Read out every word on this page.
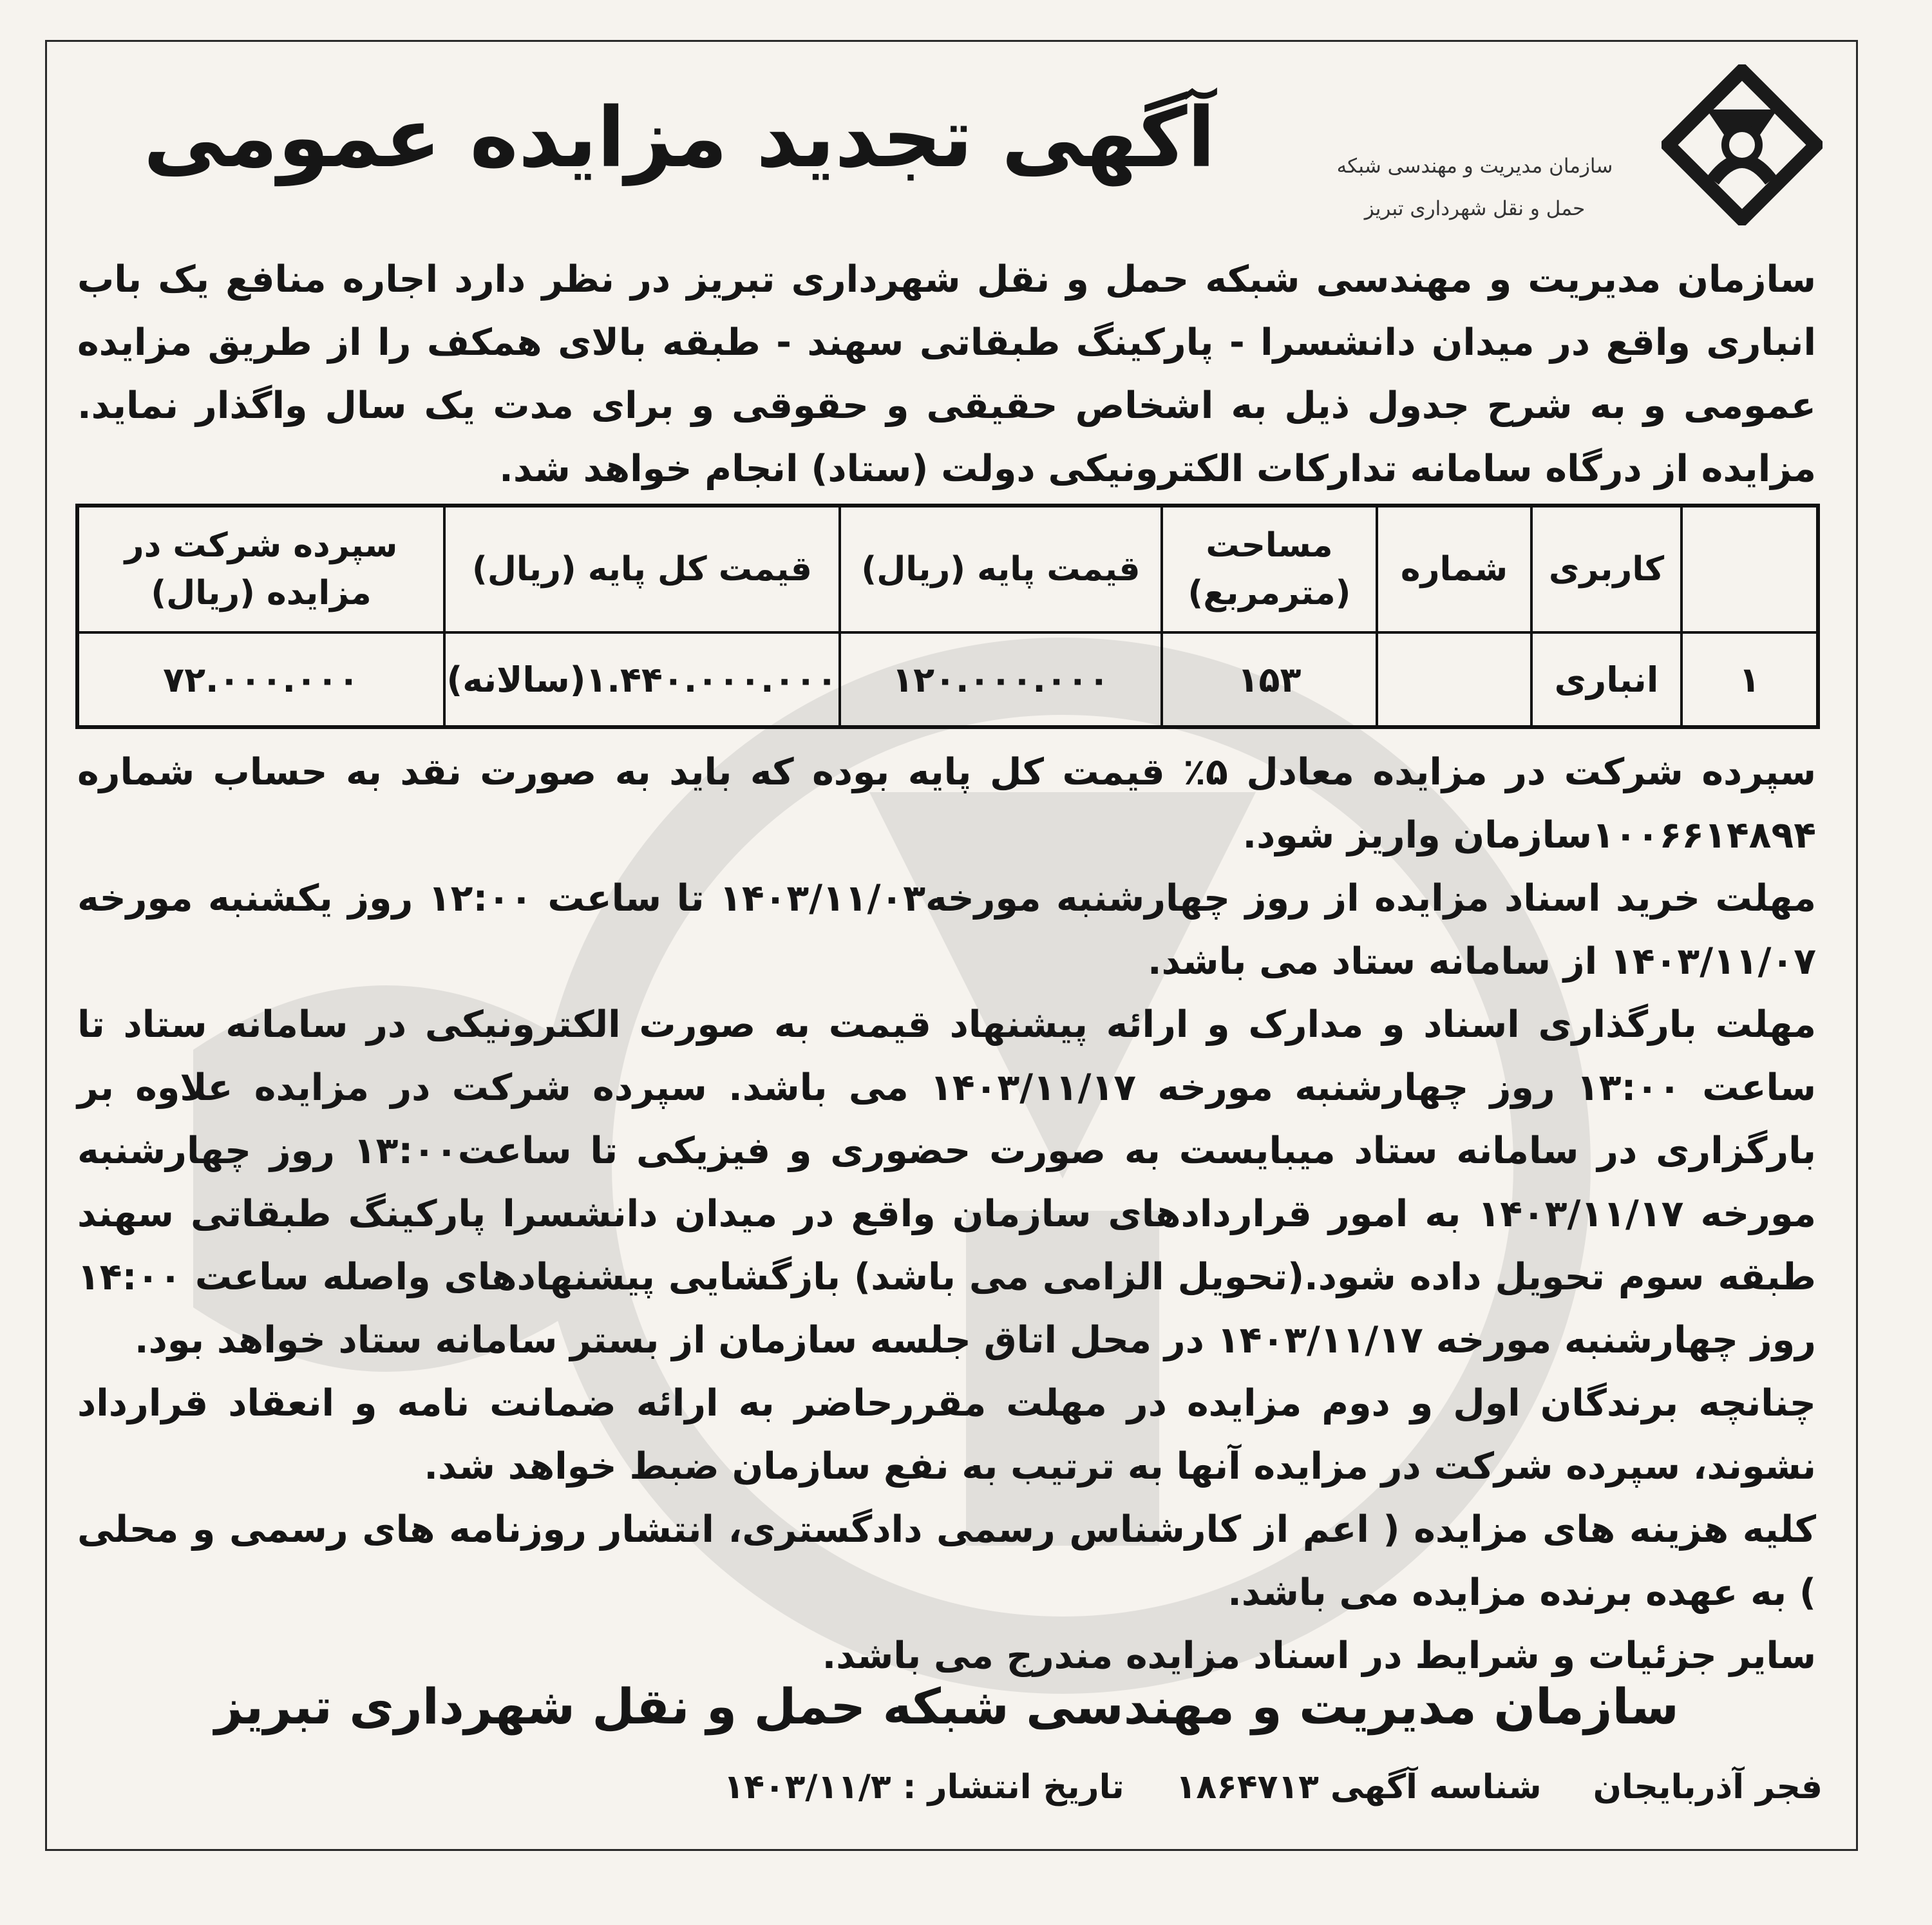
سازمان مدیریت و مهندسی شبکه
حمل و نقل شهرداری تبریز
آگهی تجدید مزایده عمومی

سازمان مدیریت و مهندسی شبکه حمل و نقل شهرداری تبریز در نظر دارد اجاره منافع یک باب انباری واقع در میدان دانشسرا - پارکینگ طبقاتی سهند - طبقه بالای همکف را از طریق مزایده عمومی و به شرح جدول ذیل به اشخاص حقیقی و حقوقی و برای مدت یک سال واگذار نماید. مزایده از درگاه سامانه تدارکات الکترونیکی دولت (ستاد) انجام خواهد شد.

	کاربری	شماره	مساحت (مترمربع)	قیمت پایه (ریال)	قیمت کل پایه (ریال)	سپرده شرکت در مزایده (ریال)
۱	انباری		۱۵۳	۱۲۰.۰۰۰.۰۰۰	۱.۴۴۰.۰۰۰.۰۰۰(سالانه)	۷۲.۰۰۰.۰۰۰

سپرده شرکت در مزایده معادل ۵٪ قیمت کل پایه بوده که باید به صورت نقد به حساب شماره ۱۰۰۶۶۱۴۸۹۴سازمان واریز شود.

مهلت خرید اسناد مزایده از روز چهارشنبه مورخه۱۴۰۳/۱۱/۰۳ تا ساعت ۱۲:۰۰ روز یکشنبه مورخه ۱۴۰۳/۱۱/۰۷ از سامانه ستاد می باشد.

مهلت بارگذاری اسناد و مدارک و ارائه پیشنهاد قیمت به صورت الکترونیکی در سامانه ستاد تا ساعت ۱۳:۰۰ روز چهارشنبه مورخه ۱۴۰۳/۱۱/۱۷ می باشد. سپرده شرکت در مزایده علاوه بر بارگزاری در سامانه ستاد میبایست به صورت حضوری و فیزیکی تا ساعت۱۳:۰۰ روز چهارشنبه مورخه ۱۴۰۳/۱۱/۱۷ به امور قراردادهای سازمان واقع در میدان دانشسرا پارکینگ طبقاتی سهند طبقه سوم تحویل داده شود.(تحویل الزامی می باشد) بازگشایی پیشنهادهای واصله ساعت ۱۴:۰۰ روز چهارشنبه مورخه ۱۴۰۳/۱۱/۱۷ در محل اتاق جلسه سازمان از بستر سامانه ستاد خواهد بود.

چنانچه برندگان اول و دوم مزایده در مهلت مقررحاضر به ارائه ضمانت نامه و انعقاد قرارداد نشوند، سپرده شرکت در مزایده آنها به ترتیب به نفع سازمان ضبط خواهد شد.

کلیه هزینه های مزایده ( اعم از کارشناس رسمی دادگستری، انتشار روزنامه های رسمی و محلی ) به عهده برنده مزایده می باشد.

سایر جزئیات و شرایط در اسناد مزایده مندرج می باشد.

سازمان مدیریت و مهندسی شبکه حمل و نقل شهرداری تبریز
فجر آذربایجان
شناسه آگهی ۱۸۶۴۷۱۳
تاریخ انتشار : ۱۴۰۳/۱۱/۳
